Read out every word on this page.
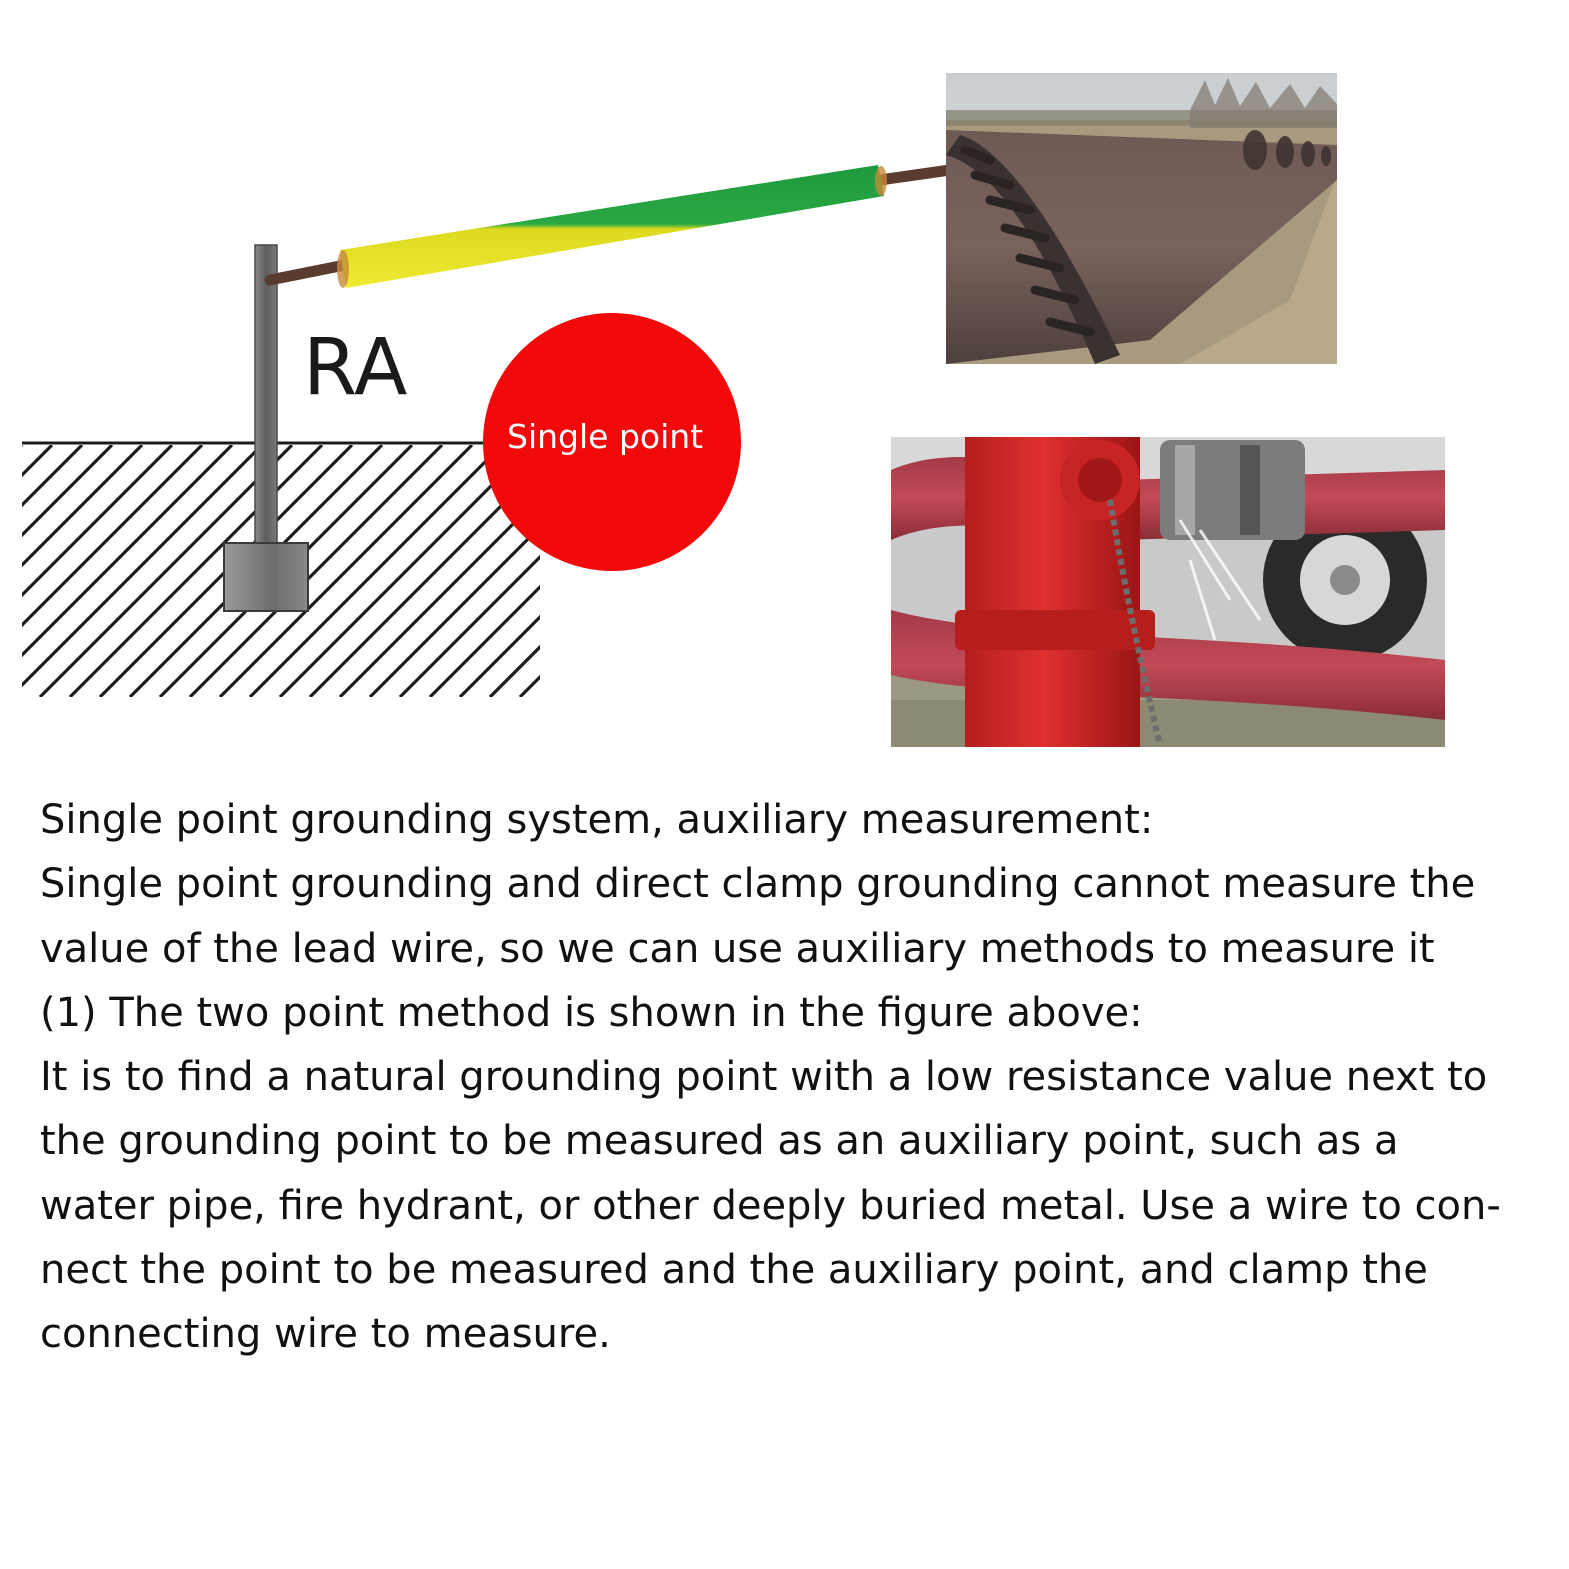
Single point
RA
Single point grounding system, auxiliary measurement:
Single point grounding and direct clamp grounding cannot measure the
value of the lead wire, so we can use auxiliary methods to measure it
(1) The two point method is shown in the figure above:
It is to find a natural grounding point with a low resistance value next to
the grounding point to be measured as an auxiliary point, such as a
water pipe, fire hydrant, or other deeply buried metal. Use a wire to con-
nect the point to be measured and the auxiliary point, and clamp the
connecting wire to measure.
